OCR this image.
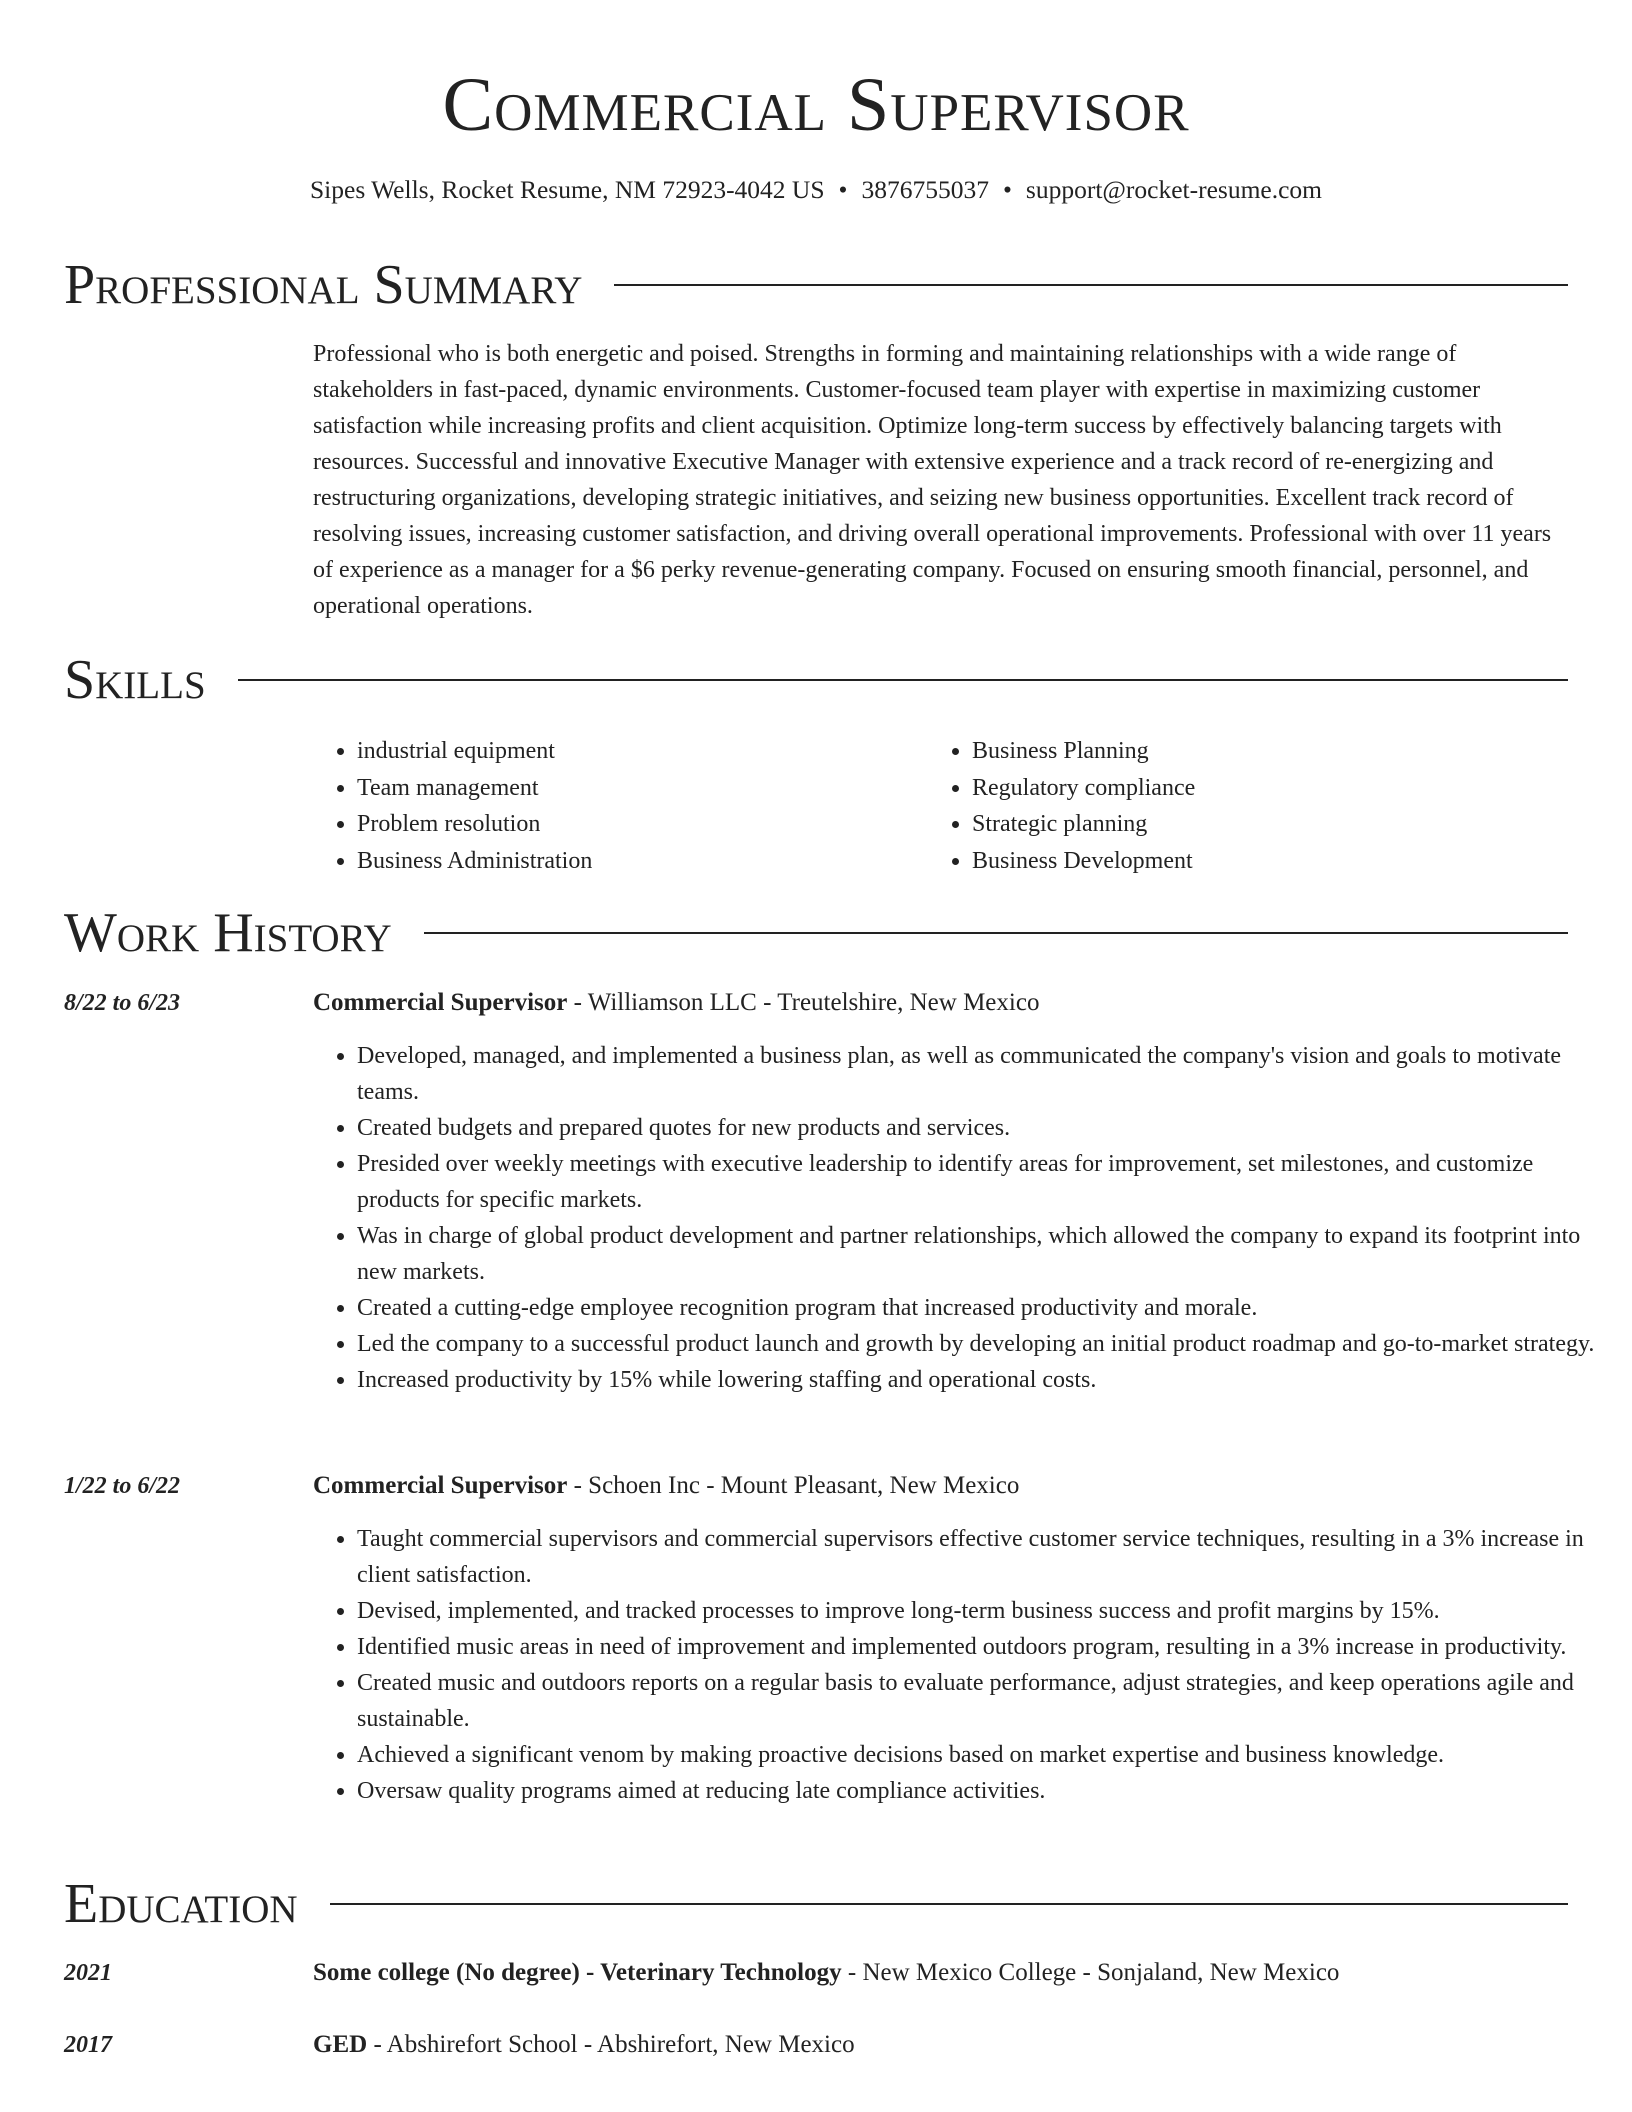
Commercial Supervisor
Sipes Wells, Rocket Resume, NM 72923-4042 US • 3876755037 • support@rocket-resume.com
Professional Summary

Professional who is both energetic and poised. Strengths in forming and maintaining relationships with a wide range of stakeholders in fast-paced, dynamic environments. Customer-focused team player with expertise in maximizing customer satisfaction while increasing profits and client acquisition. Optimize long-term success by effectively balancing targets with resources. Successful and innovative Executive Manager with extensive experience and a track record of re-energizing and restructuring organizations, developing strategic initiatives, and seizing new business opportunities. Excellent track record of resolving issues, increasing customer satisfaction, and driving overall operational improvements. Professional with over 11 years of experience as a manager for a $6 perky revenue-generating company. Focused on ensuring smooth financial, personnel, and operational operations.

Skills
• industrial equipment
• Team management
• Problem resolution
• Business Administration
• Business Planning
• Regulatory compliance
• Strategic planning
• Business Development
Work History
8/22 to 6/23	Commercial Supervisor - Williamson LLC - Treutelshire, New Mexico
• Developed, managed, and implemented a business plan, as well as communicated the company's vision and goals to motivate teams.
• Created budgets and prepared quotes for new products and services.
• Presided over weekly meetings with executive leadership to identify areas for improvement, set milestones, and customize products for specific markets.
• Was in charge of global product development and partner relationships, which allowed the company to expand its footprint into new markets.
• Created a cutting-edge employee recognition program that increased productivity and morale.
• Led the company to a successful product launch and growth by developing an initial product roadmap and go-to-market strategy.
• Increased productivity by 15% while lowering staffing and operational costs.
1/22 to 6/22	Commercial Supervisor - Schoen Inc - Mount Pleasant, New Mexico
• Taught commercial supervisors and commercial supervisors effective customer service techniques, resulting in a 3% increase in client satisfaction.
• Devised, implemented, and tracked processes to improve long-term business success and profit margins by 15%.
• Identified music areas in need of improvement and implemented outdoors program, resulting in a 3% increase in productivity.
• Created music and outdoors reports on a regular basis to evaluate performance, adjust strategies, and keep operations agile and sustainable.
• Achieved a significant venom by making proactive decisions based on market expertise and business knowledge.
• Oversaw quality programs aimed at reducing late compliance activities.
Education
2021	Some college (No degree) - Veterinary Technology - New Mexico College - Sonjaland, New Mexico
2017	GED - Abshirefort School - Abshirefort, New Mexico
